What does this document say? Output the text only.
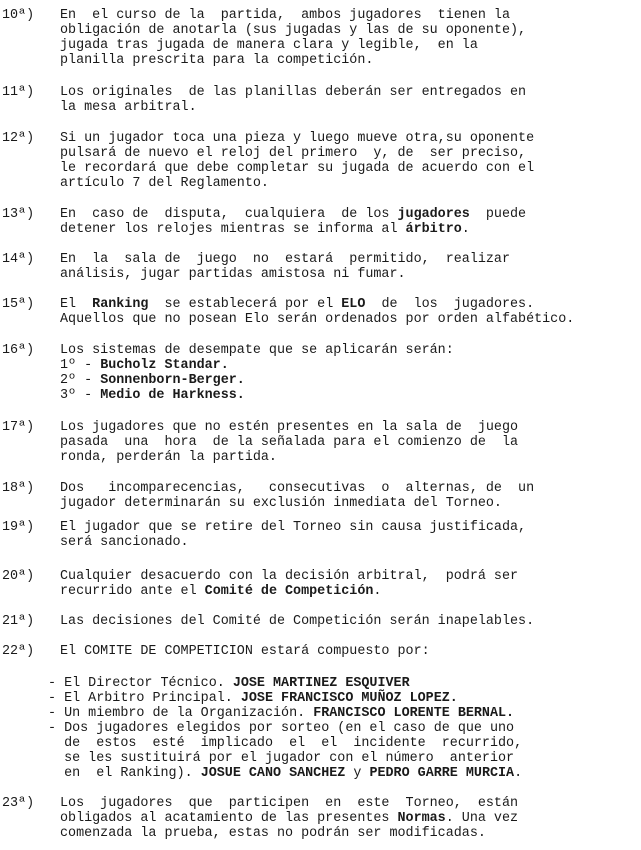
10ª)	En  el curso de la  partida,  ambos jugadores  tienen la
obligación de anotarla (sus jugadas y las de su oponente),
jugada tras jugada de manera clara y legible,  en la
planilla prescrita para la competición.
11ª)	Los originales  de las planillas deberán ser entregados en
la mesa arbitral.
12ª)	Si un jugador toca una pieza y luego mueve otra,su oponente
pulsará de nuevo el reloj del primero  y, de  ser preciso,
le recordará que debe completar su jugada de acuerdo con el
artículo 7 del Reglamento.
13ª)	En  caso de  disputa,  cualquiera  de los jugadores  puede
detener los relojes mientras se informa al árbitro.
14ª)	En  la  sala de  juego  no  estará  permitido,  realizar
análisis, jugar partidas amistosa ni fumar.
15ª)	El  Ranking  se establecerá por el ELO  de  los  jugadores.
Aquellos que no posean Elo serán ordenados por orden alfabético.
16ª)	Los sistemas de desempate que se aplicarán serán:
1º - Bucholz Standar.
2º - Sonnenborn-Berger.
3º - Medio de Harkness.
17ª)	Los jugadores que no estén presentes en la sala de  juego
pasada  una  hora  de la señalada para el comienzo de  la
ronda, perderán la partida.
18ª)	Dos   incomparecencias,   consecutivas  o  alternas, de  un
jugador determinarán su exclusión inmediata del Torneo.
19ª)	El jugador que se retire del Torneo sin causa justificada,
será sancionado.
20ª)	Cualquier desacuerdo con la decisión arbitral,  podrá ser
recurrido ante el Comité de Competición.
21ª)	Las decisiones del Comité de Competición serán inapelables.
22ª)	El COMITE DE COMPETICION estará compuesto por:
- El Director Técnico. JOSE MARTINEZ ESQUIVER
- El Arbitro Principal. JOSE FRANCISCO MUÑOZ LOPEZ.
- Un miembro de la Organización. FRANCISCO LORENTE BERNAL.
- Dos jugadores elegidos por sorteo (en el caso de que uno
de  estos  esté  implicado  el  el  incidente  recurrido,
se les sustituirá por el jugador con el número  anterior
en  el Ranking). JOSUE CANO SANCHEZ y PEDRO GARRE MURCIA.
23ª)	Los  jugadores  que  participen  en  este  Torneo,  están
obligados al acatamiento de las presentes Normas. Una vez
comenzada la prueba, estas no podrán ser modificadas.
